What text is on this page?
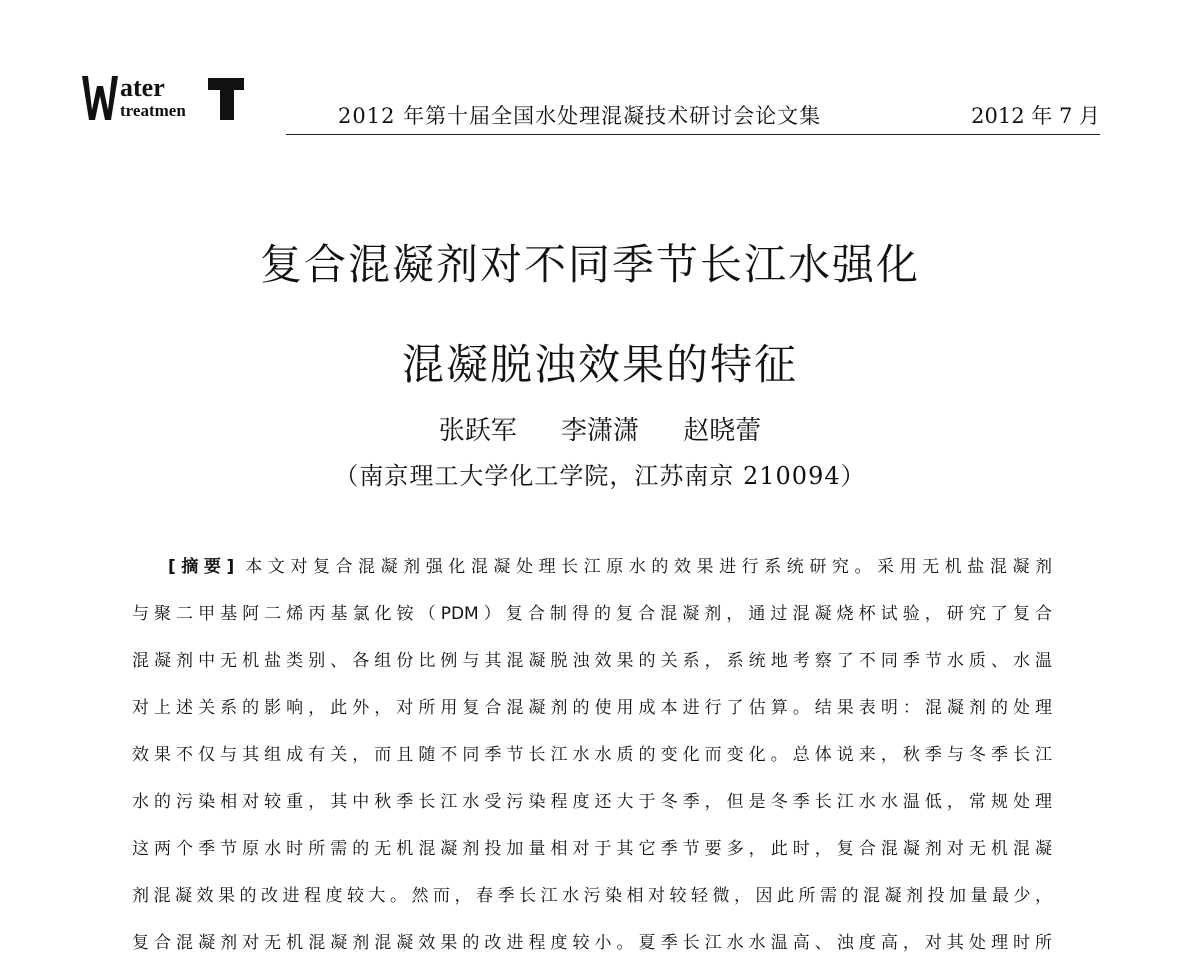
ater
treatmen	2012 年第十届全国水处理混凝技术研讨会论文集	2012 年 7 月
复合混凝剂对不同季节长江水强化
混凝脱浊效果的特征
张跃军 李潇潇 赵晓蕾
（南京理工大学化工学院，江苏南京 210094）
[摘要] 本文对复合混凝剂强化混凝处理长江原水的效果进行系统研究。采用无机盐混凝剂
与聚二甲基阿二烯丙基氯化铵（PDM）复合制得的复合混凝剂，通过混凝烧杯试验，研究了复合
混凝剂中无机盐类别、各组份比例与其混凝脱浊效果的关系，系统地考察了不同季节水质、水温
对上述关系的影响，此外，对所用复合混凝剂的使用成本进行了估算。结果表明：混凝剂的处理
效果不仅与其组成有关，而且随不同季节长江水水质的变化而变化。总体说来，秋季与冬季长江
水的污染相对较重，其中秋季长江水受污染程度还大于冬季，但是冬季长江水水温低，常规处理
这两个季节原水时所需的无机混凝剂投加量相对于其它季节要多，此时，复合混凝剂对无机混凝
剂混凝效果的改进程度较大。然而，春季长江水污染相对较轻微，因此所需的混凝剂投加量最少，
复合混凝剂对无机混凝剂混凝效果的改进程度较小。夏季长江水水温高、浊度高，对其处理时所
